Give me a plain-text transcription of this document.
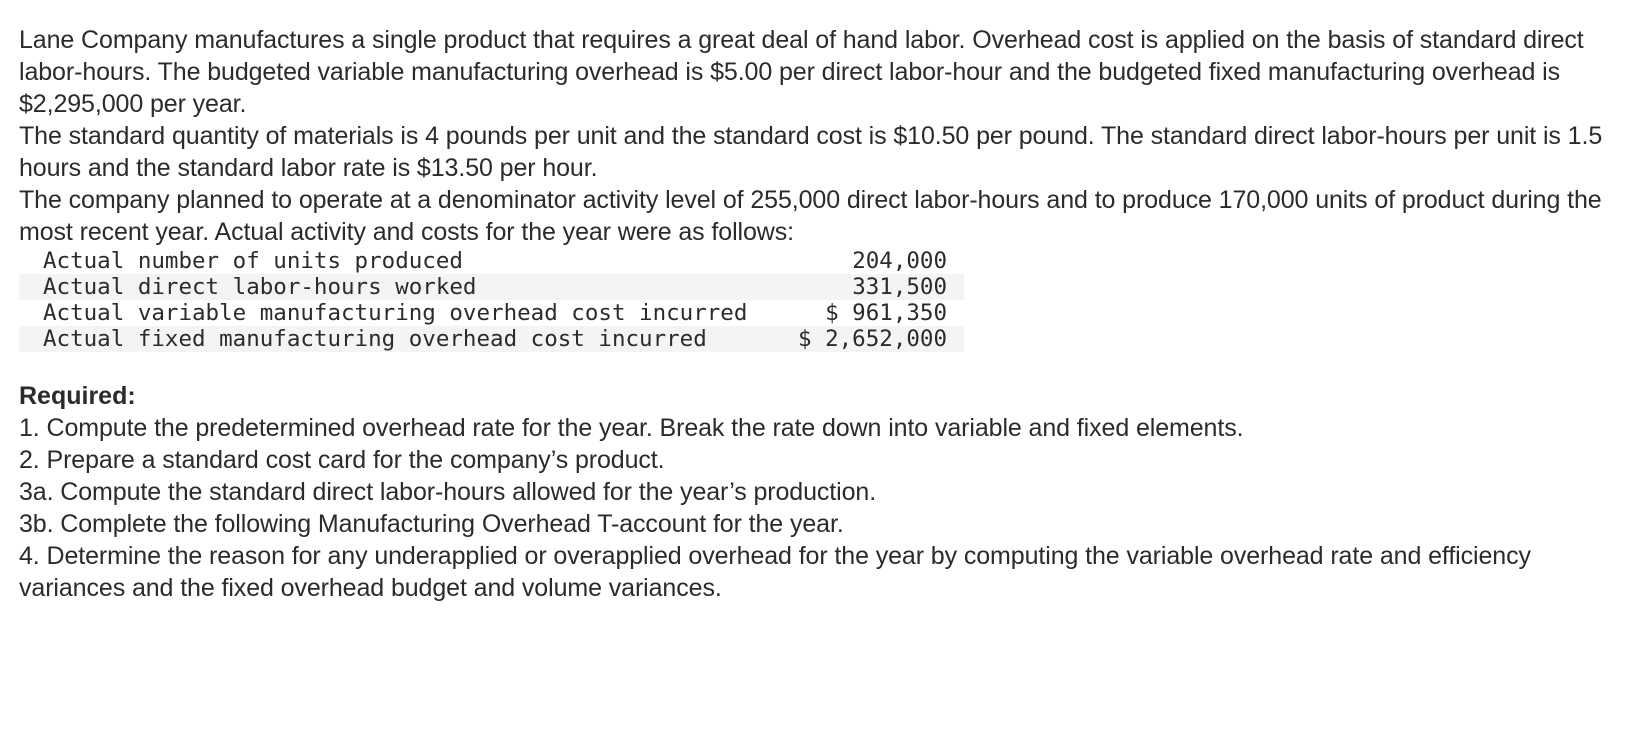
Lane Company manufactures a single product that requires a great deal of hand labor. Overhead cost is applied on the basis of standard direct labor-hours. The budgeted variable manufacturing overhead is $5.00 per direct labor-hour and the budgeted fixed manufacturing overhead is $2,295,000 per year.

The standard quantity of materials is 4 pounds per unit and the standard cost is $10.50 per pound. The standard direct labor-hours per unit is 1.5 hours and the standard labor rate is $13.50 per hour.

The company planned to operate at a denominator activity level of 255,000 direct labor-hours and to produce 170,000 units of product during the most recent year. Actual activity and costs for the year were as follows:

Actual number of units produced	204,000
Actual direct labor-hours worked	331,500
Actual variable manufacturing overhead cost incurred	$ 961,350
Actual fixed manufacturing overhead cost incurred	$ 2,652,000

Required:

1. Compute the predetermined overhead rate for the year. Break the rate down into variable and fixed elements.
2. Prepare a standard cost card for the company’s product.
3a. Compute the standard direct labor-hours allowed for the year’s production.
3b. Complete the following Manufacturing Overhead T-account for the year.
4. Determine the reason for any underapplied or overapplied overhead for the year by computing the variable overhead rate and efficiency variances and the fixed overhead budget and volume variances.
